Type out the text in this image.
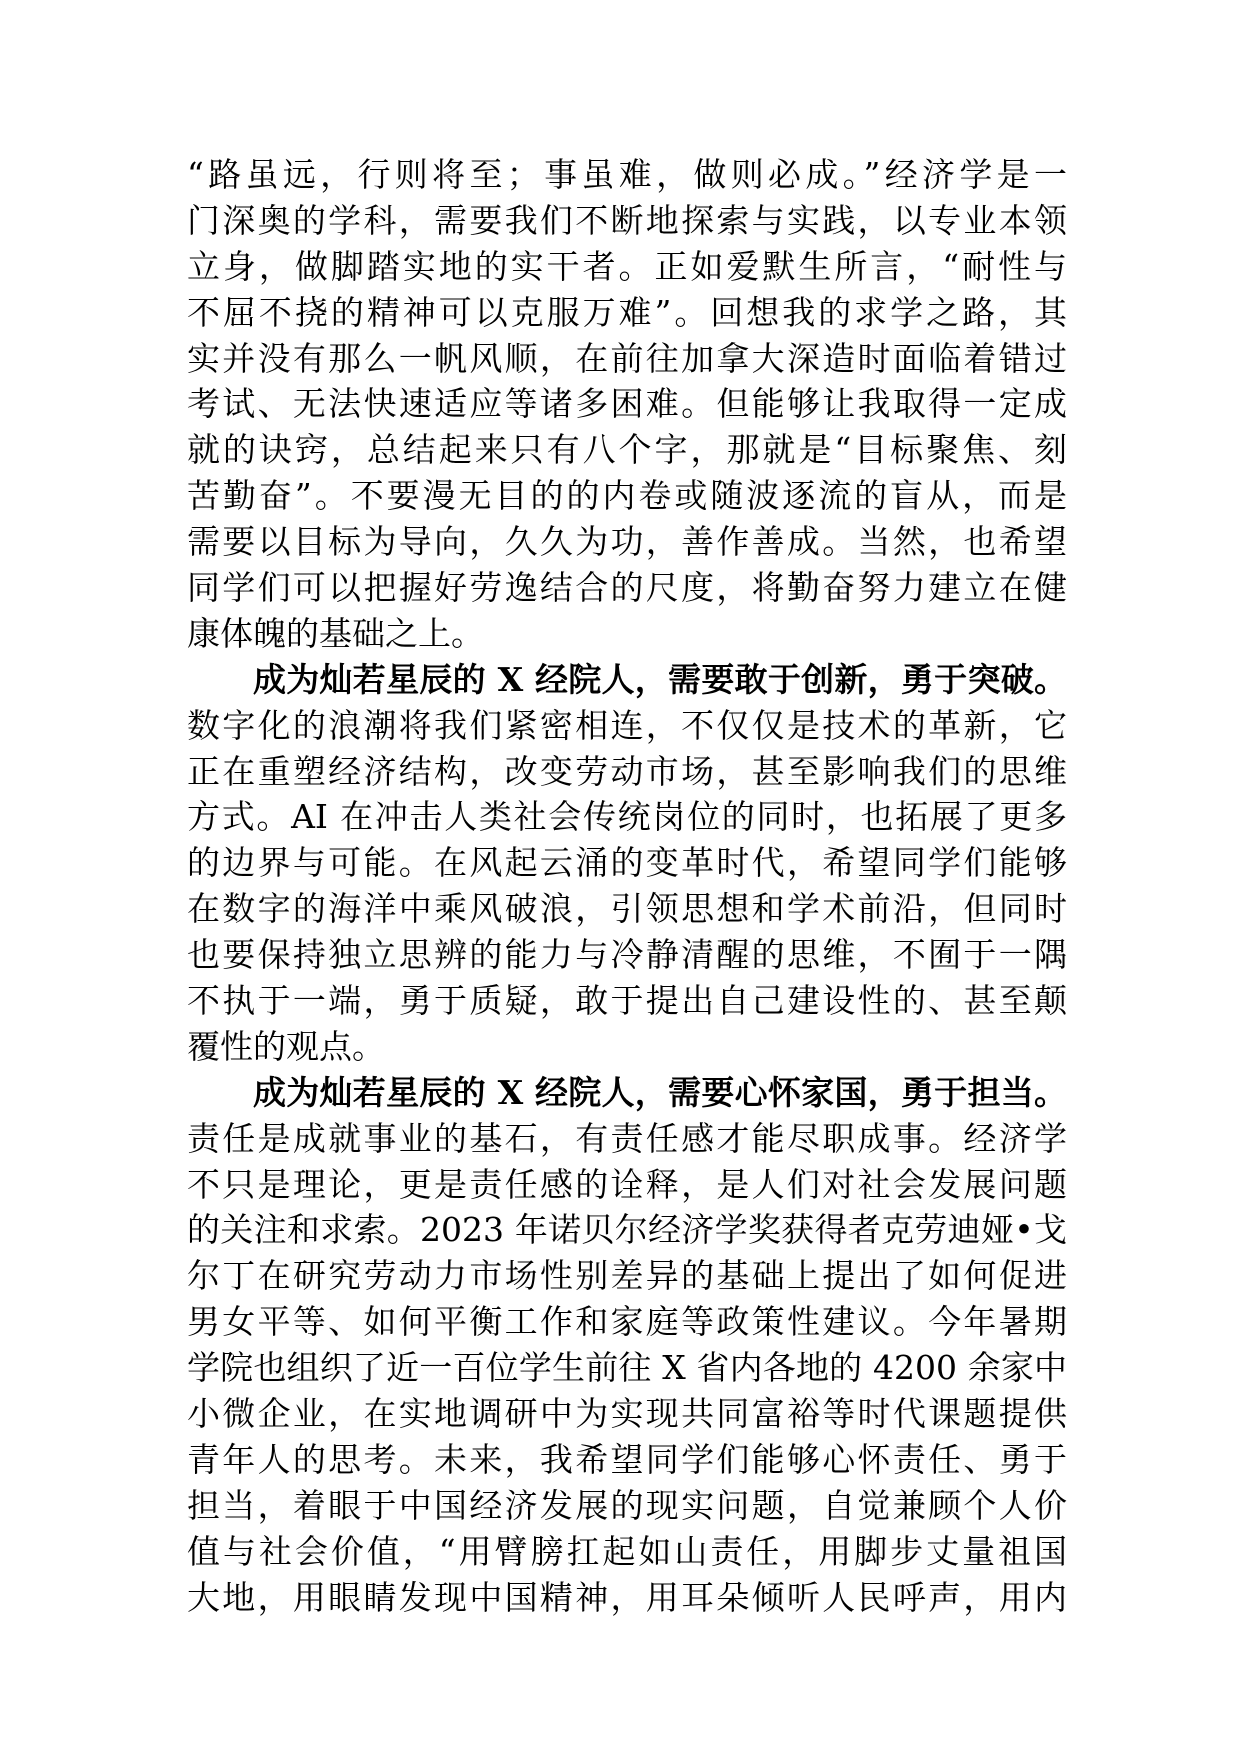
“路虽远，行则将至；事虽难，做则必成。”经济学是一
门深奥的学科，需要我们不断地探索与实践，以专业本领
立身，做脚踏实地的实干者。正如爱默生所言，“耐性与
不屈不挠的精神可以克服万难”。回想我的求学之路，其
实并没有那么一帆风顺，在前往加拿大深造时面临着错过
考试、无法快速适应等诸多困难。但能够让我取得一定成
就的诀窍，总结起来只有八个字，那就是“目标聚焦、刻
苦勤奋”。不要漫无目的的内卷或随波逐流的盲从，而是
需要以目标为导向，久久为功，善作善成。当然，也希望
同学们可以把握好劳逸结合的尺度，将勤奋努力建立在健
康体魄的基础之上。
成为灿若星辰的 X 经院人，需要敢于创新，勇于突破。
数字化的浪潮将我们紧密相连，不仅仅是技术的革新，它
正在重塑经济结构，改变劳动市场，甚至影响我们的思维
方式。AI 在冲击人类社会传统岗位的同时，也拓展了更多
的边界与可能。在风起云涌的变革时代，希望同学们能够
在数字的海洋中乘风破浪，引领思想和学术前沿，但同时
也要保持独立思辨的能力与冷静清醒的思维，不囿于一隅
不执于一端，勇于质疑，敢于提出自己建设性的、甚至颠
覆性的观点。
成为灿若星辰的 X 经院人，需要心怀家国，勇于担当。
责任是成就事业的基石，有责任感才能尽职成事。经济学
不只是理论，更是责任感的诠释，是人们对社会发展问题
的关注和求索。2023 年诺贝尔经济学奖获得者克劳迪娅•戈
尔丁在研究劳动力市场性别差异的基础上提出了如何促进
男女平等、如何平衡工作和家庭等政策性建议。今年暑期
学院也组织了近一百位学生前往 X 省内各地的 4200 余家中
小微企业，在实地调研中为实现共同富裕等时代课题提供
青年人的思考。未来，我希望同学们能够心怀责任、勇于
担当，着眼于中国经济发展的现实问题，自觉兼顾个人价
值与社会价值，“用臂膀扛起如山责任，用脚步丈量祖国
大地，用眼睛发现中国精神，用耳朵倾听人民呼声，用内
